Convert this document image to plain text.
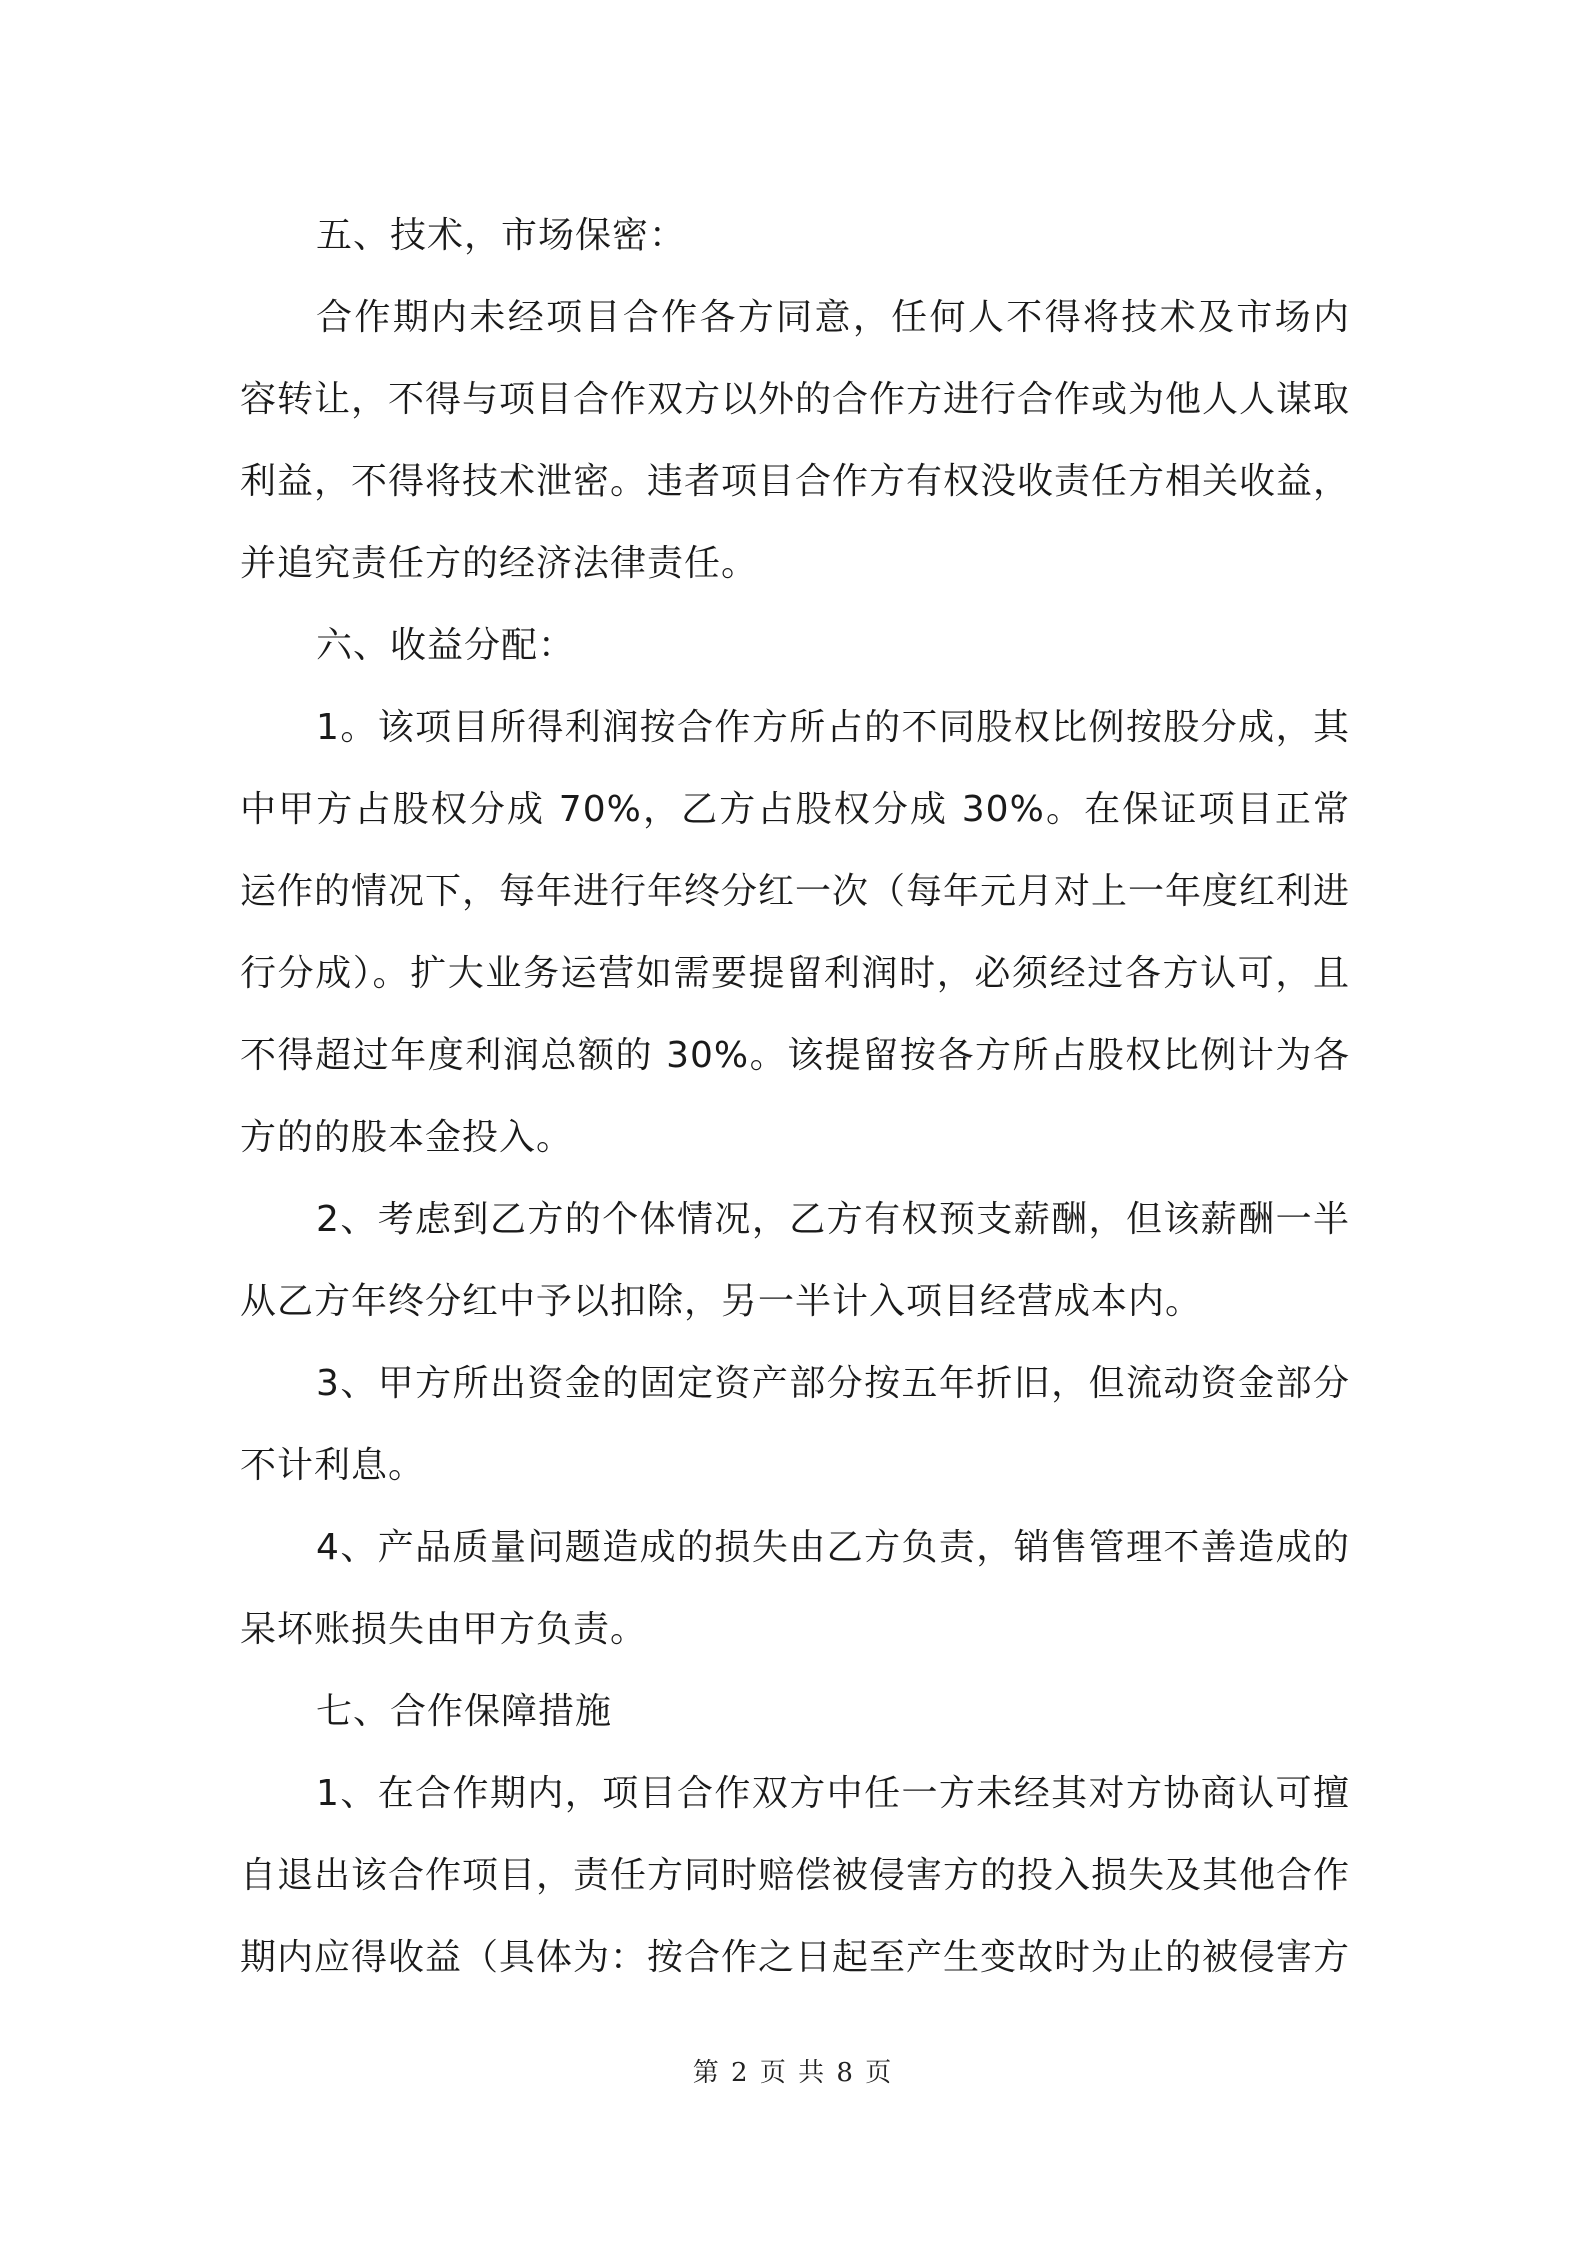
五、技术，市场保密：

合作期内未经项目合作各方同意，任何人不得将技术及市场内容转让，不得与项目合作双方以外的合作方进行合作或为他人人谋取利益，不得将技术泄密。违者项目合作方有权没收责任方相关收益，并追究责任方的经济法律责任。

六、收益分配：

1。该项目所得利润按合作方所占的不同股权比例按股分成，其中甲方占股权分成 70%，乙方占股权分成 30%。在保证项目正常运作的情况下，每年进行年终分红一次（每年元月对上一年度红利进行分成）。扩大业务运营如需要提留利润时，必须经过各方认可，且不得超过年度利润总额的 30%。该提留按各方所占股权比例计为各方的的股本金投入。

2、考虑到乙方的个体情况，乙方有权预支薪酬，但该薪酬一半从乙方年终分红中予以扣除，另一半计入项目经营成本内。

3、甲方所出资金的固定资产部分按五年折旧，但流动资金部分不计利息。

4、产品质量问题造成的损失由乙方负责，销售管理不善造成的呆坏账损失由甲方负责。

七、合作保障措施

1、在合作期内，项目合作双方中任一方未经其对方协商认可擅自退出该合作项目，责任方同时赔偿被侵害方的投入损失及其他合作期内应得收益（具体为：按合作之日起至产生变故时为止的被侵害方

第 2 页 共 8 页
